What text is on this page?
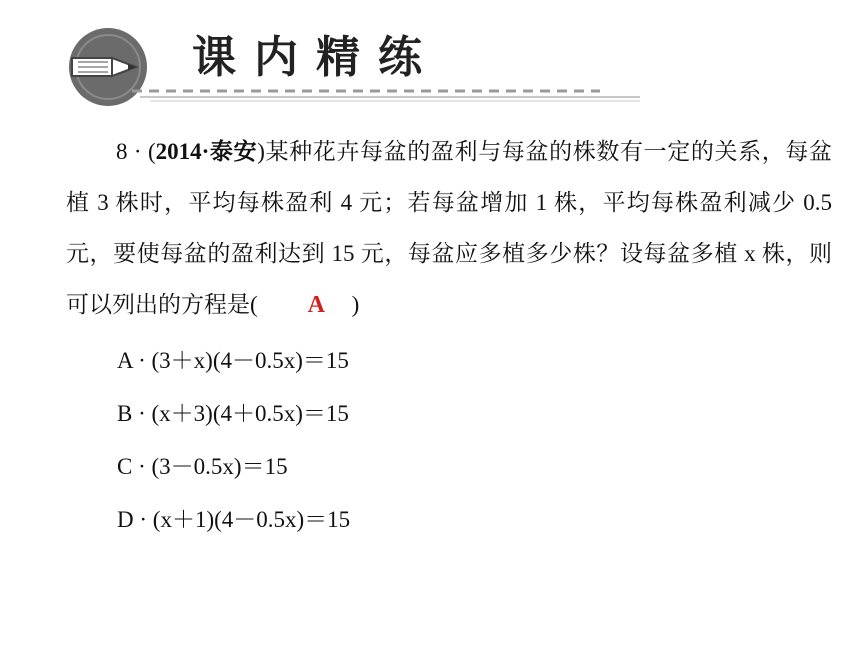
课内精练

8 · (2014·泰安)某种花卉每盆的盈利与每盆的株数有一定的关系，每盆植 3 株时，平均每株盈利 4 元；若每盆增加 1 株，平均每株盈利减少 0.5 元，要使每盆的盈利达到 15 元，每盆应多植多少株？设每盆多植 x 株，则可以列出的方程是( A )

A · (3＋x)(4－0.5x)＝15
B · (x＋3)(4＋0.5x)＝15
C · (3－0.5x)＝15
D · (x＋1)(4－0.5x)＝15
